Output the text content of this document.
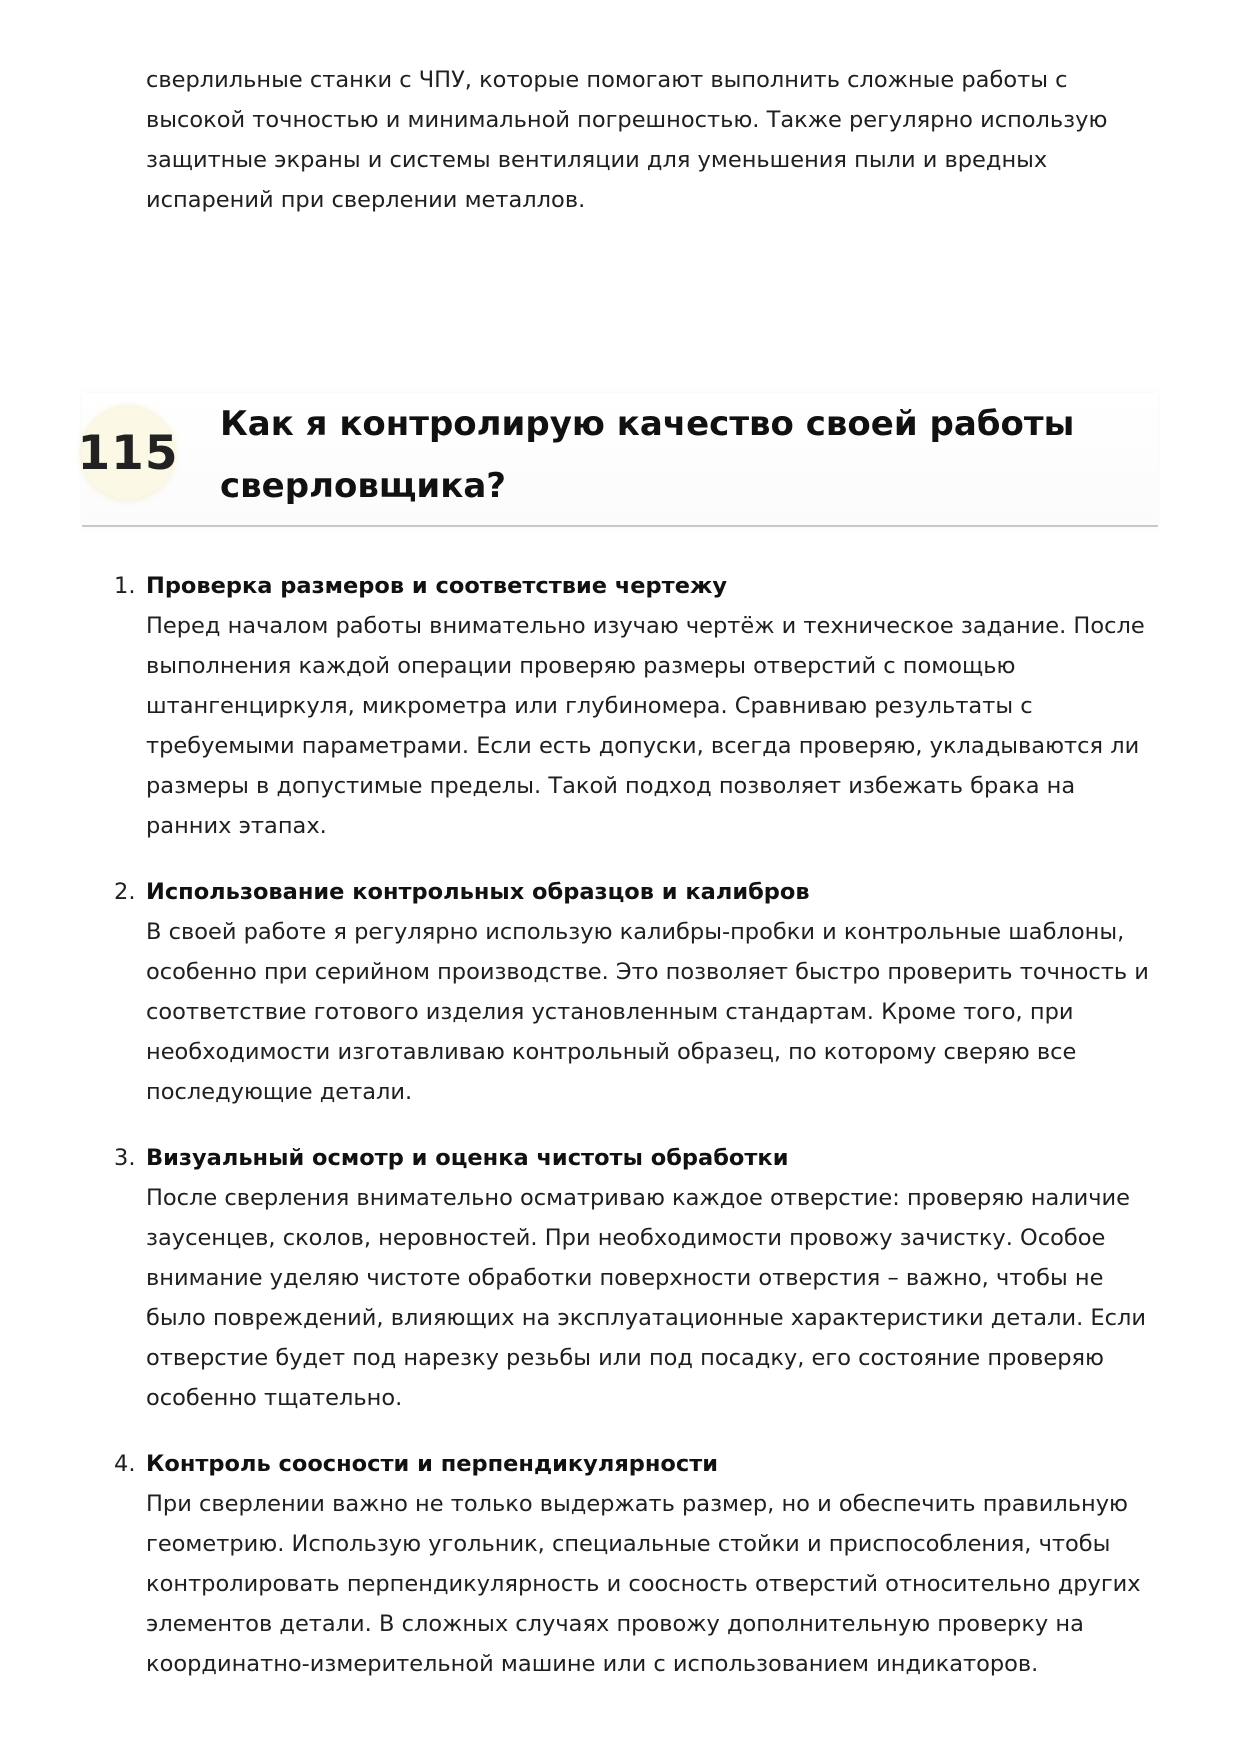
сверлильные станки с ЧПУ, которые помогают выполнить сложные работы с высокой точностью и минимальной погрешностью. Также регулярно использую защитные экраны и системы вентиляции для уменьшения пыли и вредных испарений при сверлении металлов.

115
Как я контролирую качество своей работы сверловщика?
1. Проверка размеров и соответствие чертежу
Перед началом работы внимательно изучаю чертёж и техническое задание. После выполнения каждой операции проверяю размеры отверстий с помощью штангенциркуля, микрометра или глубиномера. Сравниваю результаты с требуемыми параметрами. Если есть допуски, всегда проверяю, укладываются ли размеры в допустимые пределы. Такой подход позволяет избежать брака на ранних этапах.
2. Использование контрольных образцов и калибров
В своей работе я регулярно использую калибры-пробки и контрольные шаблоны, особенно при серийном производстве. Это позволяет быстро проверить точность и соответствие готового изделия установленным стандартам. Кроме того, при необходимости изготавливаю контрольный образец, по которому сверяю все последующие детали.
3. Визуальный осмотр и оценка чистоты обработки
После сверления внимательно осматриваю каждое отверстие: проверяю наличие заусенцев, сколов, неровностей. При необходимости провожу зачистку. Особое внимание уделяю чистоте обработки поверхности отверстия – важно, чтобы не было повреждений, влияющих на эксплуатационные характеристики детали. Если отверстие будет под нарезку резьбы или под посадку, его состояние проверяю особенно тщательно.
4. Контроль соосности и перпендикулярности
При сверлении важно не только выдержать размер, но и обеспечить правильную геометрию. Использую угольник, специальные стойки и приспособления, чтобы контролировать перпендикулярность и соосность отверстий относительно других элементов детали. В сложных случаях провожу дополнительную проверку на координатно-измерительной машине или с использованием индикаторов.
